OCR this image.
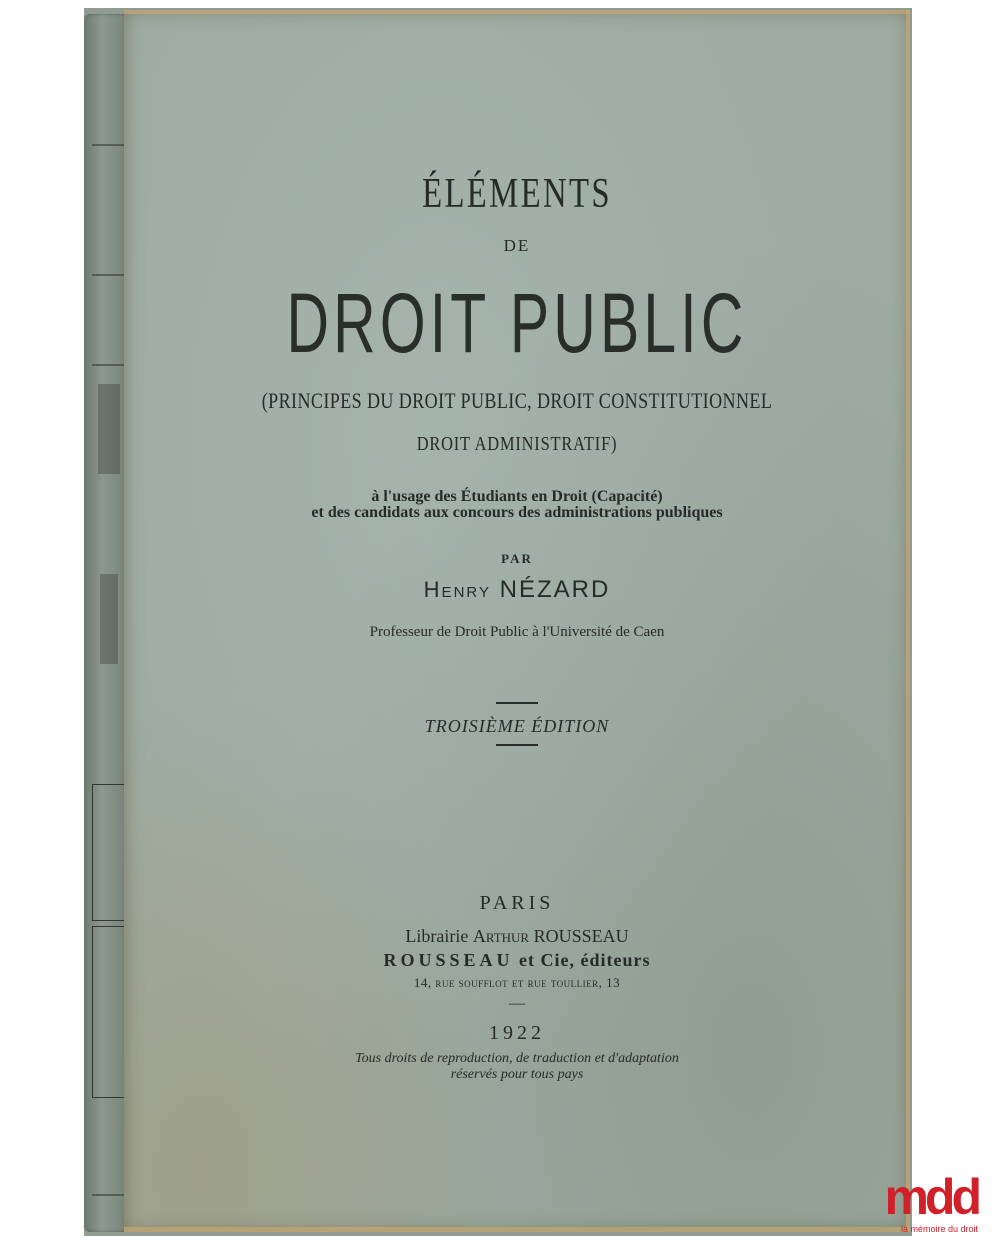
ÉLÉMENTS
DE
DROIT PUBLIC
(PRINCIPES DU DROIT PUBLIC, DROIT CONSTITUTIONNEL
DROIT ADMINISTRATIF)
à l'usage des Étudiants en Droit (Capacité)
et des candidats aux concours des administrations publiques
PAR
Henry NÉZARD
Professeur de Droit Public à l'Université de Caen
TROISIÈME ÉDITION
PARIS
Librairie Arthur ROUSSEAU
ROUSSEAU et Cie, éditeurs
14, rue soufflot et rue toullier, 13
—
1922
Tous droits de reproduction, de traduction et d'adaptation
réservés pour tous pays
mdd
la mémoire du droit
